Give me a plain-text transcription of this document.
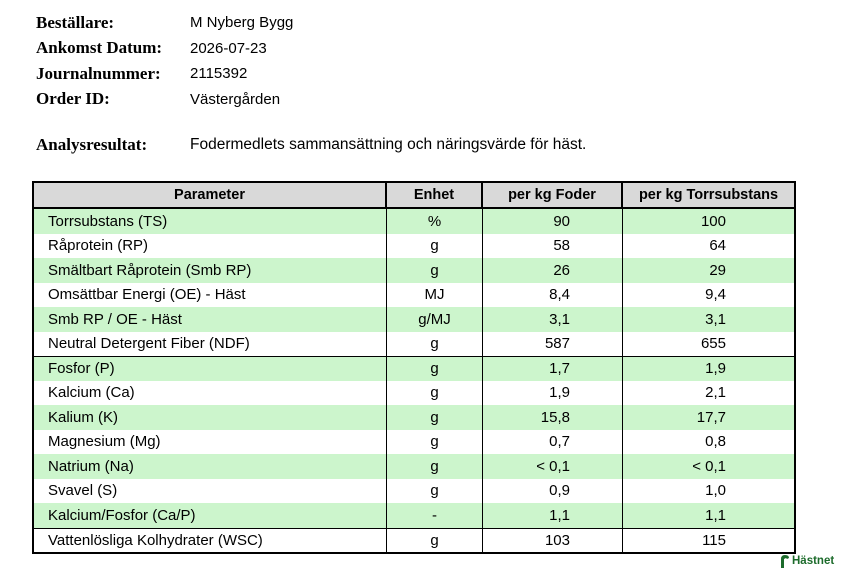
Beställare:	M Nyberg Bygg
Ankomst Datum:	2026-07-23
Journalnummer:	2115392
Order ID:	Västergården
Analysresultat:	Fodermedlets sammansättning och näringsvärde för häst.
Parameter	Enhet	per kg Foder	per kg Torrsubstans
Torrsubstans (TS)	%	90	100
Råprotein (RP)	g	58	64
Smältbart Råprotein (Smb RP)	g	26	29
Omsättbar Energi (OE) - Häst	MJ	8,4	9,4
Smb RP / OE - Häst	g/MJ	3,1	3,1
Neutral Detergent Fiber (NDF)	g	587	655
Fosfor (P)	g	1,7	1,9
Kalcium (Ca)	g	1,9	2,1
Kalium (K)	g	15,8	17,7
Magnesium (Mg)	g	0,7	0,8
Natrium (Na)	g	< 0,1	< 0,1
Svavel (S)	g	0,9	1,0
Kalcium/Fosfor (Ca/P)	-	1,1	1,1
Vattenlösliga Kolhydrater (WSC)	g	103	115
Hästnet
